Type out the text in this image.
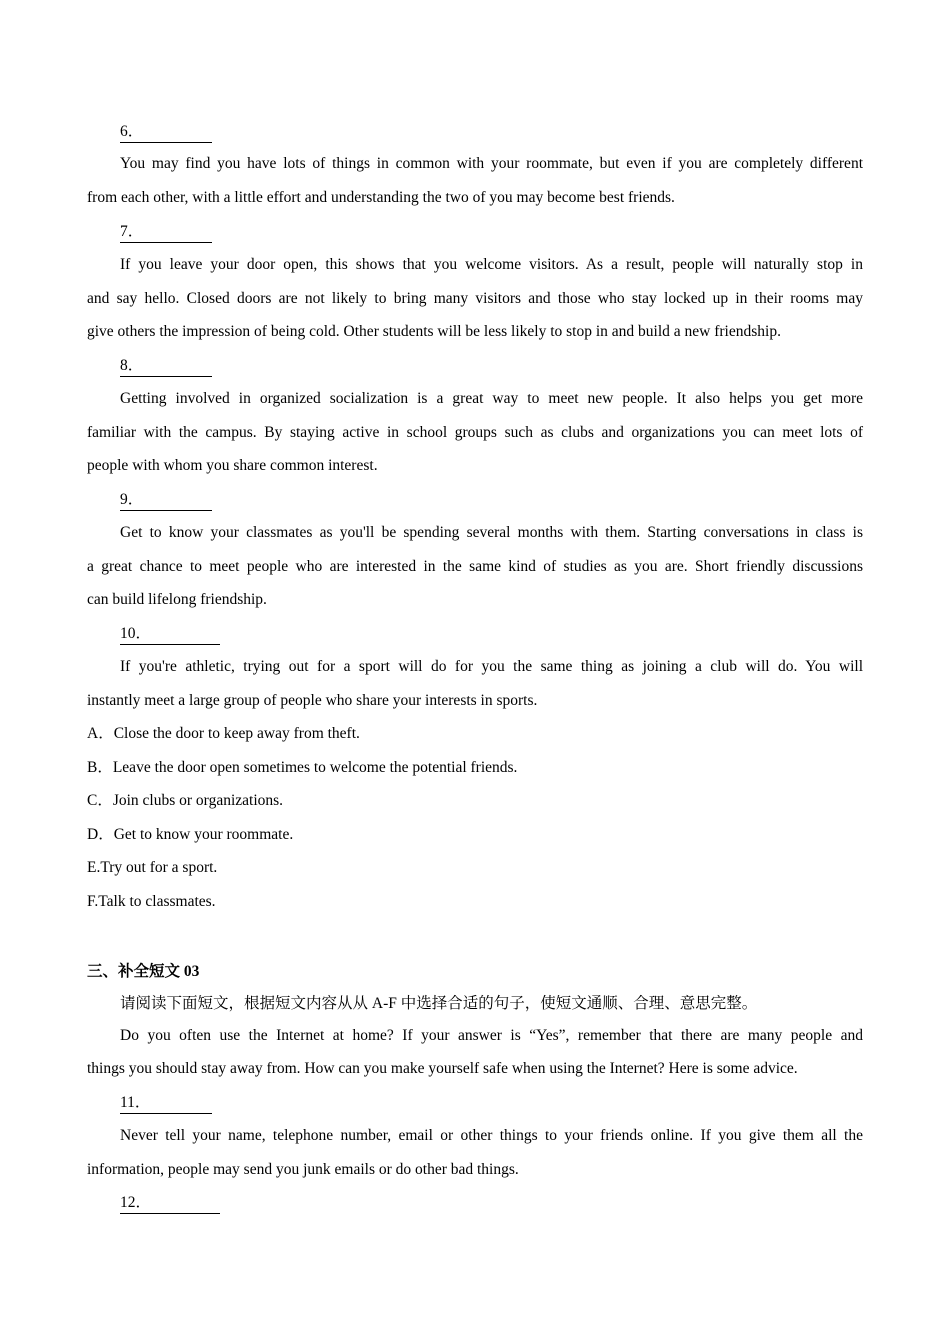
6．
You may find you have lots of things in common with your roommate, but even if you are completely different
from each other, with a little effort and understanding the two of you may become best friends.
7．
If you leave your door open, this shows that you welcome visitors. As a result, people will naturally stop in
and say hello. Closed doors are not likely to bring many visitors and those who stay locked up in their rooms may
give others the impression of being cold. Other students will be less likely to stop in and build a new friendship.
8．
Getting involved in organized socialization is a great way to meet new people. It also helps you get more
familiar with the campus. By staying active in school groups such as clubs and organizations you can meet lots of
people with whom you share common interest.
9．
Get to know your classmates as you'll be spending several months with them. Starting conversations in class is
a great chance to meet people who are interested in the same kind of studies as you are. Short friendly discussions
can build lifelong friendship.
10．
If you're athletic, trying out for a sport will do for you the same thing as joining a club will do. You will
instantly meet a large group of people who share your interests in sports.
A．Close the door to keep away from theft.
B．Leave the door open sometimes to welcome the potential friends.
C．Join clubs or organizations.
D．Get to know your roommate.
E.Try out for a sport.
F.Talk to classmates.
三、补全短文 03
请阅读下面短文，根据短文内容从从 A-F 中选择合适的句子，使短文通顺、合理、意思完整。
Do you often use the Internet at home? If your answer is “Yes”, remember that there are many people and
things you should stay away from. How can you make yourself safe when using the Internet? Here is some advice.
11．
Never tell your name, telephone number, email or other things to your friends online. If you give them all the
information, people may send you junk emails or do other bad things.
12．
